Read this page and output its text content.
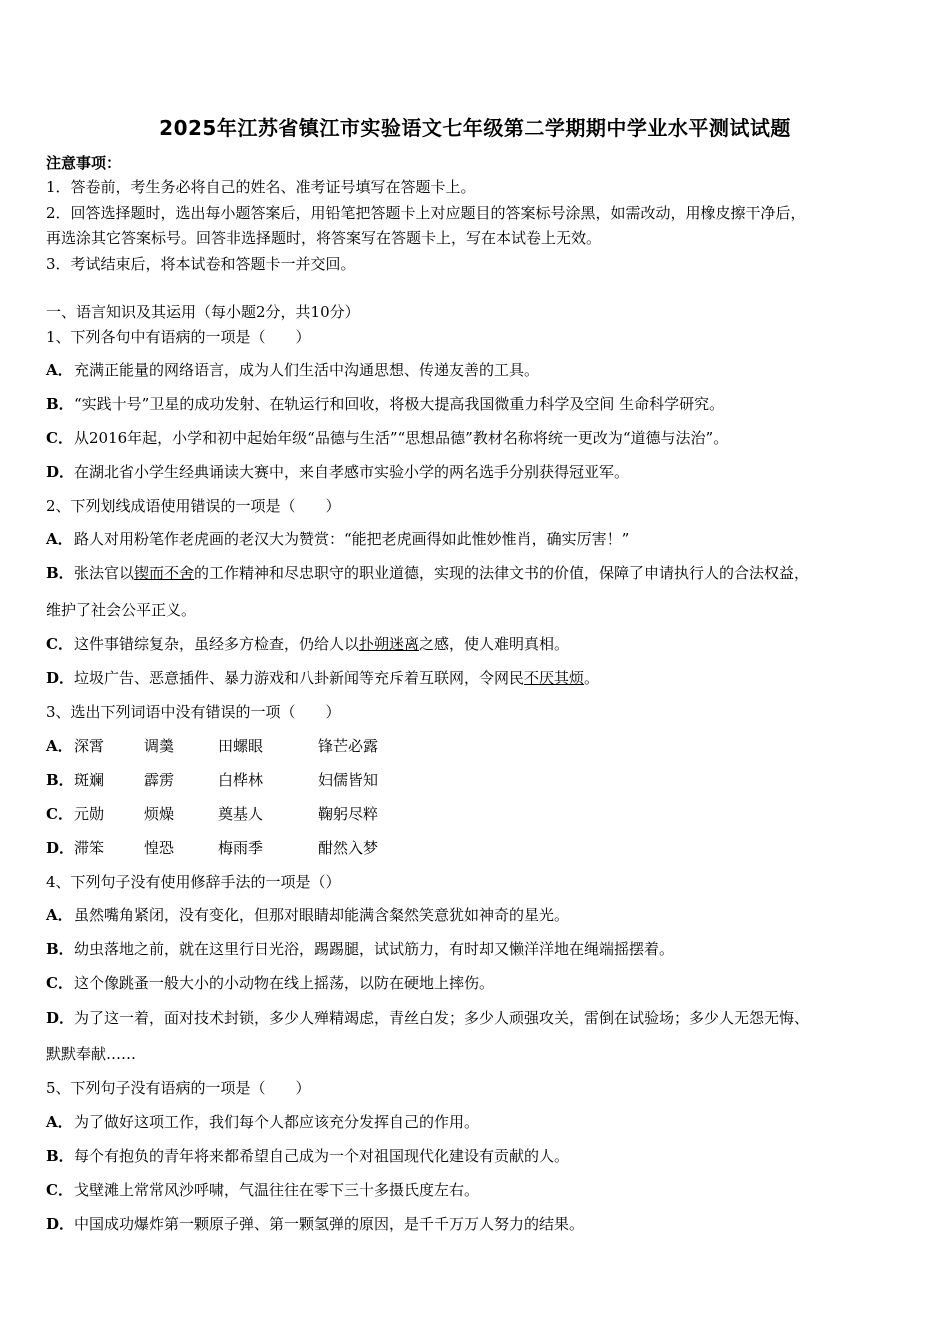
2025年江苏省镇江市实验语文七年级第二学期期中学业水平测试试题
注意事项：
1．答卷前，考生务必将自己的姓名、准考证号填写在答题卡上。
2．回答选择题时，选出每小题答案后，用铅笔把答题卡上对应题目的答案标号涂黑，如需改动，用橡皮擦干净后，
再选涂其它答案标号。回答非选择题时，将答案写在答题卡上，写在本试卷上无效。
3．考试结束后，将本试卷和答题卡一并交回。
一、语言知识及其运用（每小题2分，共10分）
1、下列各句中有语病的一项是（　　）
A．充满正能量的网络语言，成为人们生活中沟通思想、传递友善的工具。
B．“实践十号”卫星的成功发射、在轨运行和回收，将极大提高我国微重力科学及空间 生命科学研究。
C．从2016年起，小学和初中起始年级“品德与生活”“思想品德”教材名称将统一更改为“道德与法治”。
D．在湖北省小学生经典诵读大赛中，来自孝感市实验小学的两名选手分别获得冠亚军。
2、下列划线成语使用错误的一项是（　　）
A．路人对用粉笔作老虎画的老汉大为赞赏：“能把老虎画得如此惟妙惟肖，确实厉害！”
B．张法官以锲而不舍的工作精神和尽忠职守的职业道德，实现的法律文书的价值，保障了申请执行人的合法权益，
维护了社会公平正义。
C．这件事错综复杂，虽经多方检查，仍给人以扑朔迷离之感，使人难明真相。
D．垃圾广告、恶意插件、暴力游戏和八卦新闻等充斥着互联网，令网民不厌其烦。
3、选出下列词语中没有错误的一项（　　）
A．深霄	调羹	田螺眼	锋芒必露
B．斑斓	霹雳	白桦林	妇儒皆知
C．元勋	烦燥	奠基人	鞠躬尽粹
D．滞笨	惶恐	梅雨季	酣然入梦
4、下列句子没有使用修辞手法的一项是（）
A．虽然嘴角紧闭，没有变化，但那对眼睛却能满含粲然笑意犹如神奇的星光。
B．幼虫落地之前，就在这里行日光浴，踢踢腿，试试筋力，有时却又懒洋洋地在绳端摇摆着。
C．这个像跳蚤一般大小的小动物在线上摇荡，以防在硬地上摔伤。
D．为了这一着，面对技术封锁，多少人殚精竭虑，青丝白发；多少人顽强攻关，雷倒在试验场；多少人无怨无悔、
默默奉献……
5、下列句子没有语病的一项是（　　）
A．为了做好这项工作，我们每个人都应该充分发挥自己的作用。
B．每个有抱负的青年将来都希望自己成为一个对祖国现代化建设有贡献的人。
C．戈壁滩上常常风沙呼啸，气温往往在零下三十多摄氏度左右。
D．中国成功爆炸第一颗原子弹、第一颗氢弹的原因，是千千万万人努力的结果。
